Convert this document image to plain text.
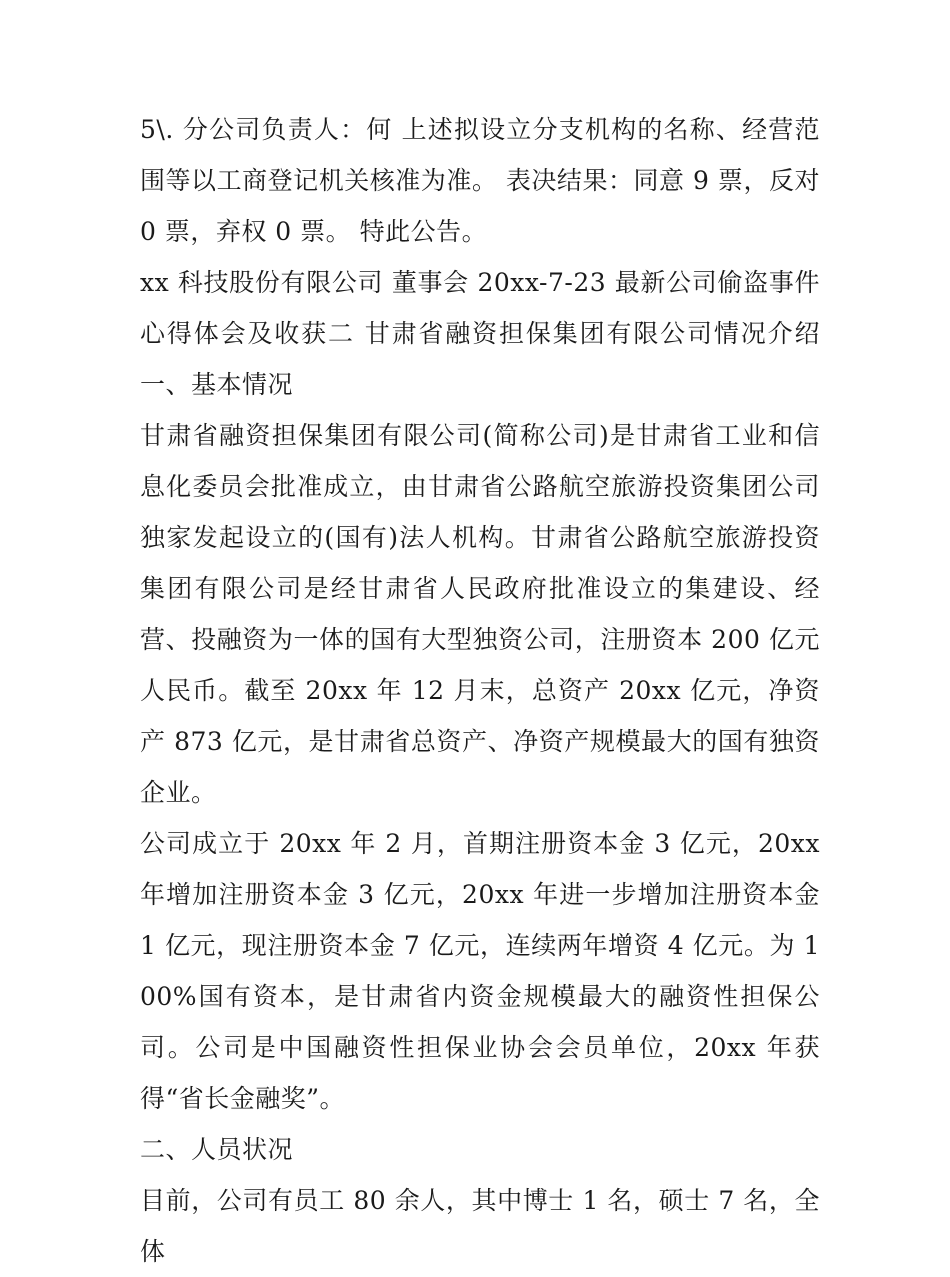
5\. 分公司负责人：何 上述拟设立分支机构的名称、经营范围等以工商登记机关核准为准。 表决结果：同意 9 票，反对 0 票，弃权 0 票。 特此公告。

xx 科技股份有限公司 董事会 20xx-7-23 最新公司偷盗事件心得体会及收获二 甘肃省融资担保集团有限公司情况介绍 一、基本情况

甘肃省融资担保集团有限公司(简称公司)是甘肃省工业和信息化委员会批准成立，由甘肃省公路航空旅游投资集团公司独家发起设立的(国有)法人机构。甘肃省公路航空旅游投资集团有限公司是经甘肃省人民政府批准设立的集建设、经营、投融资为一体的国有大型独资公司，注册资本 200 亿元人民币。截至 20xx 年 12 月末，总资产 20xx 亿元，净资产 873 亿元，是甘肃省总资产、净资产规模最大的国有独资企业。

公司成立于 20xx 年 2 月，首期注册资本金 3 亿元，20xx 年增加注册资本金 3 亿元，20xx 年进一步增加注册资本金 1 亿元，现注册资本金 7 亿元，连续两年增资 4 亿元。为 100%国有资本，是甘肃省内资金规模最大的融资性担保公司。公司是中国融资性担保业协会会员单位，20xx 年获得“省长金融奖”。

二、人员状况

目前，公司有员工 80 余人，其中博士 1 名，硕士 7 名，全体
